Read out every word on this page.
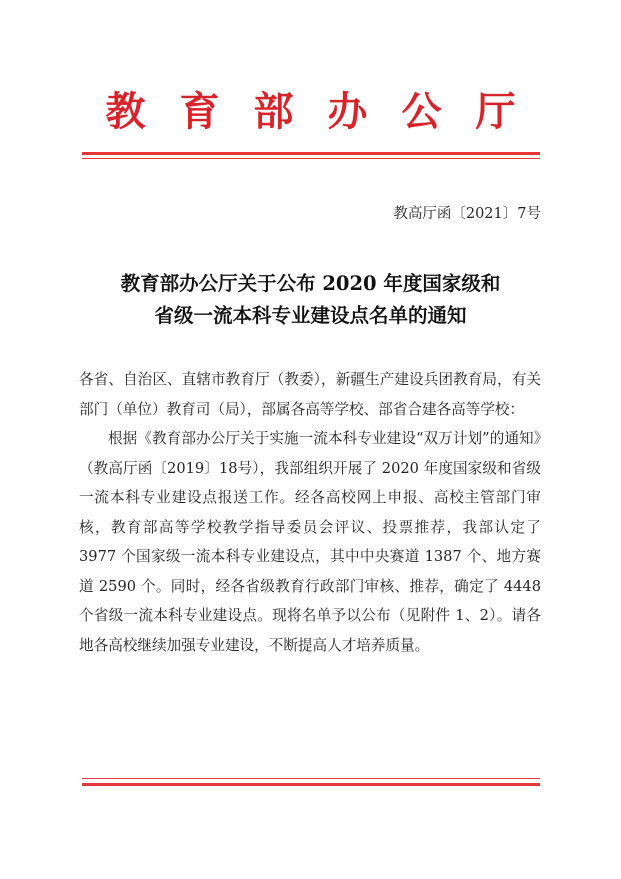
教育部办公厅
教高厅函〔2021〕7号
教育部办公厅关于公布 2020 年度国家级和
省级一流本科专业建设点名单的通知

各省、自治区、直辖市教育厅（教委），新疆生产建设兵团教育局，有关部门（单位）教育司（局），部属各高等学校、部省合建各高等学校：

根据《教育部办公厅关于实施一流本科专业建设“双万计划”的通知》（教高厅函〔2019〕18号），我部组织开展了 2020 年度国家级和省级一流本科专业建设点报送工作。经各高校网上申报、高校主管部门审核，教育部高等学校教学指导委员会评议、投票推荐，我部认定了 3977 个国家级一流本科专业建设点，其中中央赛道 1387 个、地方赛道 2590 个。同时，经各省级教育行政部门审核、推荐，确定了 4448 个省级一流本科专业建设点。现将名单予以公布（见附件 1、2）。请各地各高校继续加强专业建设，不断提高人才培养质量。
